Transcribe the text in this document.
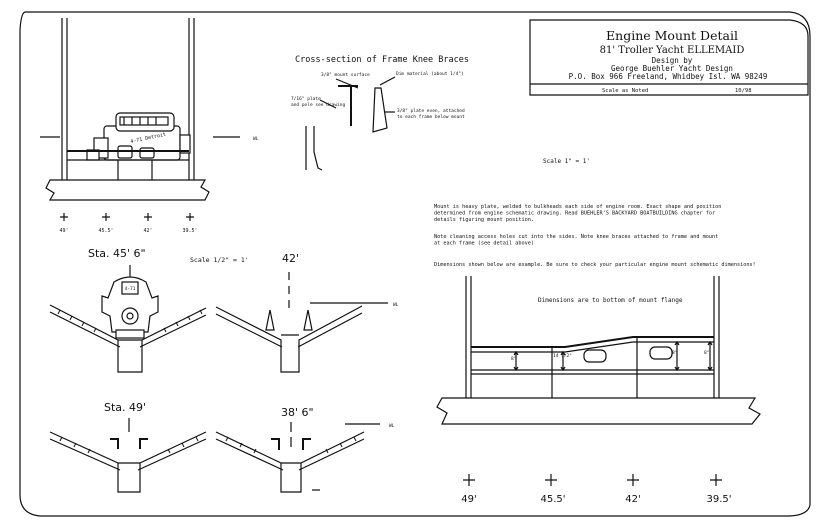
Engine Mount Detail
81' Troller Yacht ELLEMAID
Design by
George Buehler Yacht Design
P.O. Box 966 Freeland, Whidbey Isl. WA 98249
Scale as Noted	10/98
WL
4-71 Detroit
49'	45.5'	42'	39.5'
Cross-section of Frame Knee Braces
3/8" mount surface	Dim material (about 1/4")
7/16" plate and pole see drawing
3/8" plate even, attached to each frame below mount
Scale 1" = 1'
Mount is heavy plate, welded to bulkheads each side of engine room. Exact shape and position determined from engine schematic drawing. Read BUEHLER'S BACKYARD BOATBUILDING chapter for details figuring mount position.
Note cleaning access holes cut into the sides. Note knee braces attached to frame and mount at each frame (see detail above)
Dimensions shown below are example. Be sure to check your particular engine mount schematic dimensions!
Scale 1/2" = 1'
Sta. 45' 6"
4-71
42'
WL
Sta. 49'	38' 6"
WL
Dimensions are to bottom of mount flange
8"
14 1/2"
8"	8"
49'	45.5'	42'	39.5'
